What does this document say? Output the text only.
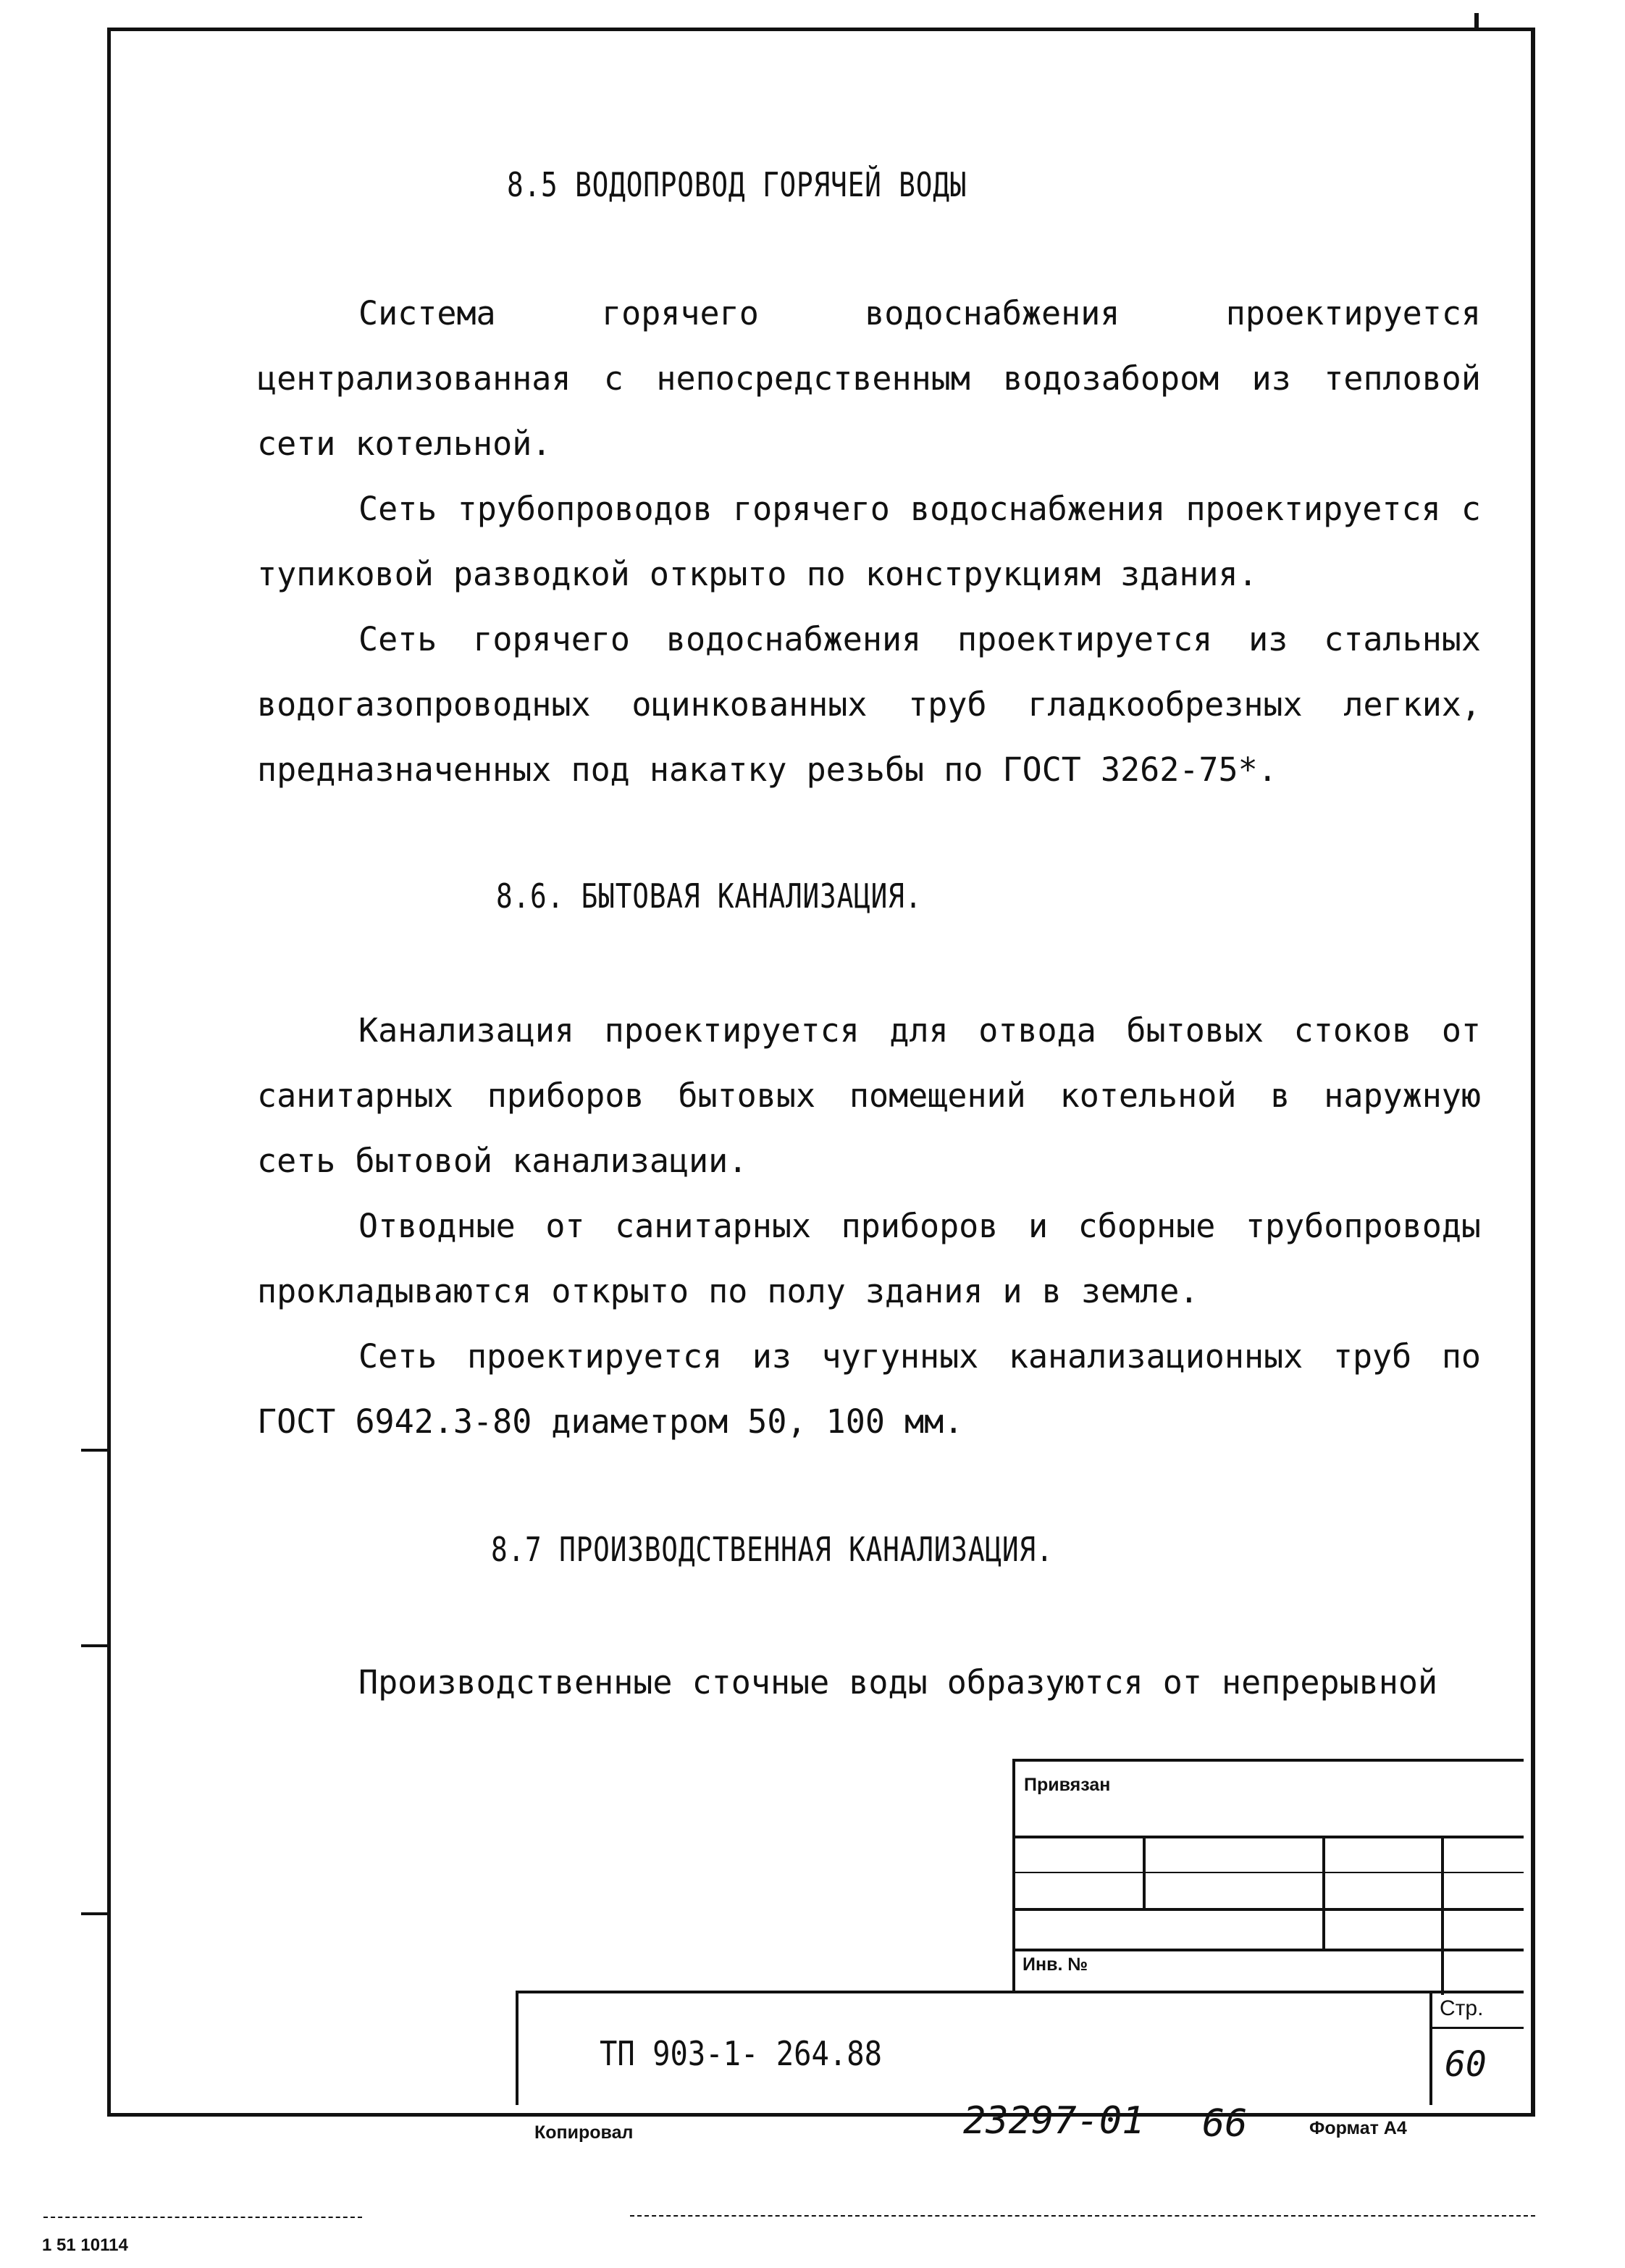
8.5 ВОДОПРОВОД ГОРЯЧЕЙ ВОДЫ
Система горячего водоснабжения проектируется централизованная с непосредственным водозабором из тепловой сети котельной.
Сеть трубопроводов горячего водоснабжения проектируется с тупиковой разводкой открыто по конструкциям здания.
Сеть горячего водоснабжения проектируется из стальных водогазопроводных оцинкованных труб гладкообрезных легких, предназначенных под накатку резьбы по ГОСТ 3262-75*.
8.6. БЫТОВАЯ КАНАЛИЗАЦИЯ.
Канализация проектируется для отвода бытовых стоков от санитарных приборов бытовых помещений котельной в наружную сеть бытовой канализации.
Отводные от санитарных приборов и сборные трубопроводы прокладываются открыто по полу здания и в земле.
Сеть проектируется из чугунных канализационных труб по ГОСТ 6942.3-80 диаметром 50, 100 мм.
8.7 ПРОИЗВОДСТВЕННАЯ КАНАЛИЗАЦИЯ.
Производственные сточные воды образуются от непрерывной
Привязан
Инв. №
ТП 903-1- 264.88
Стр.
60
Копировал	23297-01 66	Формат А4
1 51 10114
